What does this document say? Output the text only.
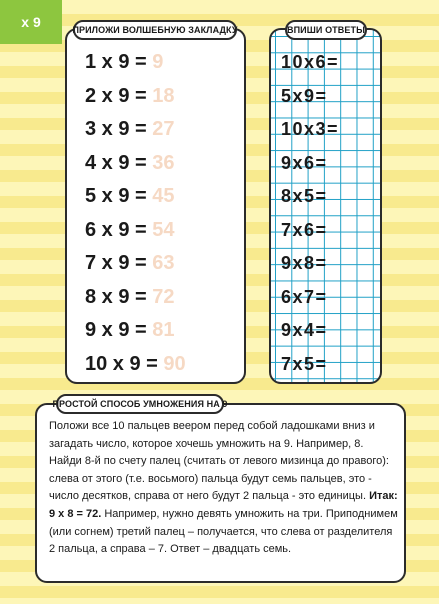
x 9	ПРИЛОЖИ ВОЛШЕБНУЮ ЗАКЛАДКУ
1 x 9 = 9
2 x 9 = 18
3 x 9 = 27
4 x 9 = 36
5 x 9 = 45
6 x 9 = 54
7 x 9 = 63
8 x 9 = 72
9 x 9 = 81
10 x 9 = 90
ВПИШИ ОТВЕТЫ
10x6=
5x9=
10x3=
9x6=
8x5=
7x6=
9x8=
6x7=
9x4=
7x5=
ПРОСТОЙ СПОСОБ УМНОЖЕНИЯ НА 9
Положи все 10 пальцев веером перед собой ладошками вниз и загадать число, которое хочешь умножить на 9. Например, 8. Найди 8-й по счету палец (считать от левого мизинца до правого): слева от этого (т.е. восьмого) пальца будут семь пальцев, это - число десятков, справа от него будут 2 пальца - это единицы. Итак: 9 x 8 = 72. Например, нужно девять умножить на три. Приподнимем (или согнем) третий палец – получается, что слева от разделителя 2 пальца, а справа – 7. Ответ – двадцать семь.
